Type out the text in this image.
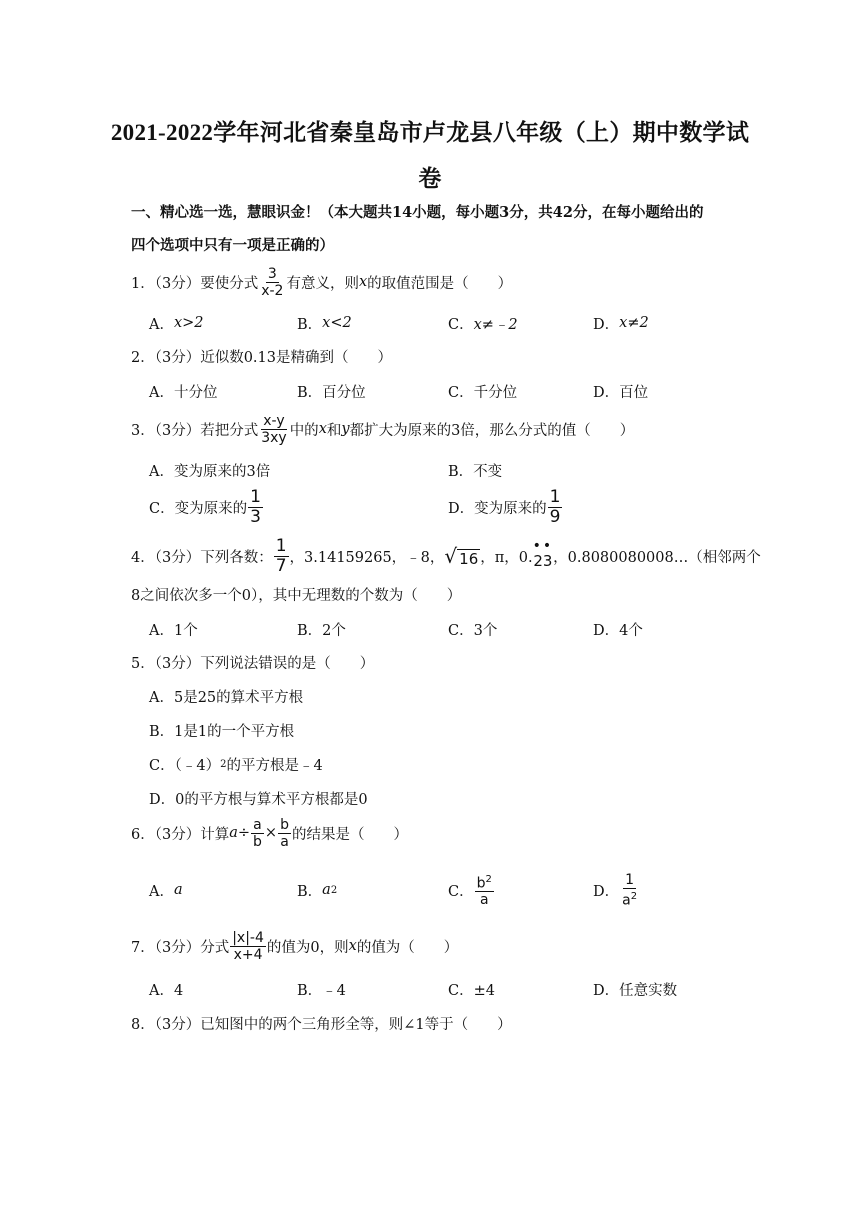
2021-2022学年河北省秦皇岛市卢龙县八年级（上）期中数学试
卷
一、精心选一选，慧眼识金！（本大题共14小题，每小题3分，共42分，在每小题给出的
四个选项中只有一项是正确的）
1．（3分）要使分式 $\frac{3}{x-2}$ 有意义，则 x 的取值范围是（　　）
A． x>2	B． x<2	C． x≠﹣2	D． x≠2
2．（3分）近似数0.13是精确到（　　）
A．十分位	B．百分位	C．千分位	D．百位
3．（3分）若把分式 $\frac{x-y}{3xy}$ 中的 x 和 y 都扩大为原来的3倍，那么分式的值（　　）
A．变为原来的3倍	B．不变
C．变为原来的 $\frac{1}{3}$	D．变为原来的 $\frac{1}{9}$
4．（3分）下列各数： $\frac{1}{7}$ ，3.14159265，﹣8， √ 16 ，π，0.
••
23 ，0.8080080008…（相邻两个
8之间依次多一个0），其中无理数的个数为（　　）
A．1个	B．2个	C．3个	D．4个
5．（3分）下列说法错误的是（　　）
A．5是25的算术平方根
B．1是1的一个平方根
C．（﹣4） 2 的平方根是﹣4
D．0的平方根与算术平方根都是0
6．（3分）计算 $a \div \frac{a}{b} \times \frac{b}{a}$ 的结果是（　　）
A． a	B． a 2	C． $\frac{b^2}{a}$	D． $\frac{1}{a^2}$
7．（3分）分式 $\frac{|x|-4}{x+4}$ 的值为0，则 x 的值为（　　）
A．4	B．﹣4	C．±4	D．任意实数
8．（3分）已知图中的两个三角形全等，则∠1等于（　　）
